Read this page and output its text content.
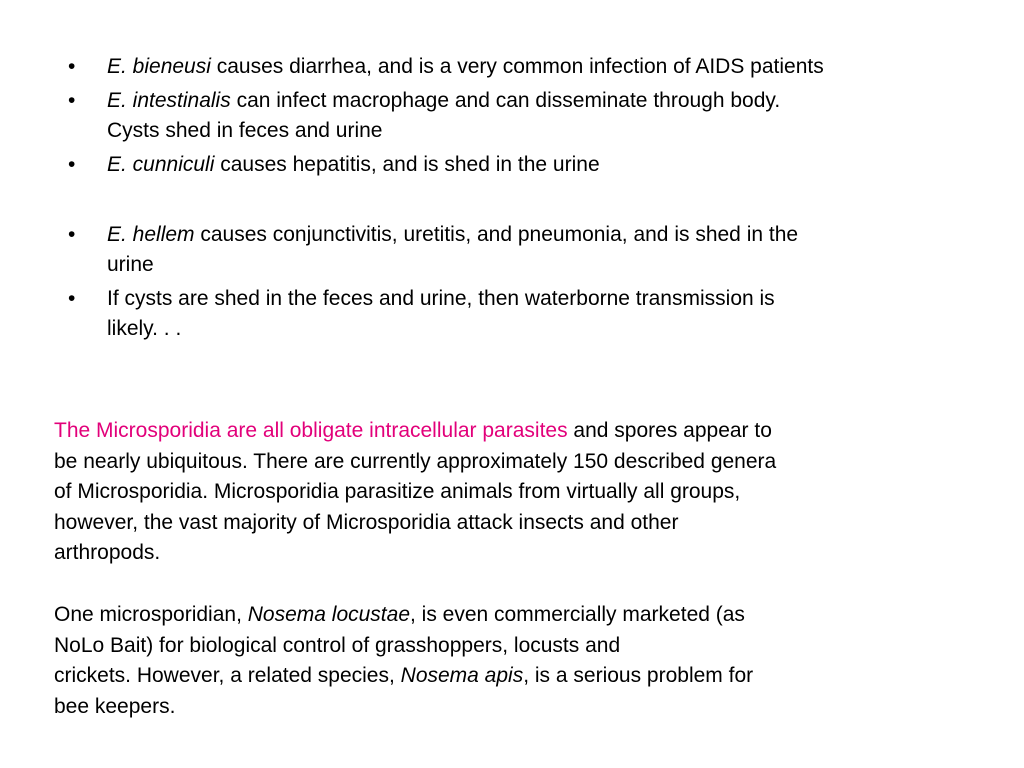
• E. bieneusi causes diarrhea, and is a very common infection of AIDS patients
• E. intestinalis can infect macrophage and can disseminate through body.
Cysts shed in feces and urine
• E. cunniculi causes hepatitis, and is shed in the urine
• E. hellem causes conjunctivitis, uretitis, and pneumonia, and is shed in the
urine
• If cysts are shed in the feces and urine, then waterborne transmission is
likely. . .

The Microsporidia are all obligate intracellular parasites and spores appear to
be nearly ubiquitous. There are currently approximately 150 described genera
of Microsporidia. Microsporidia parasitize animals from virtually all groups,
however, the vast majority of Microsporidia attack insects and other
arthropods.

One microsporidian, Nosema locustae, is even commercially marketed (as
NoLo Bait) for biological control of grasshoppers, locusts and
crickets. However, a related species, Nosema apis, is a serious problem for
bee keepers.
